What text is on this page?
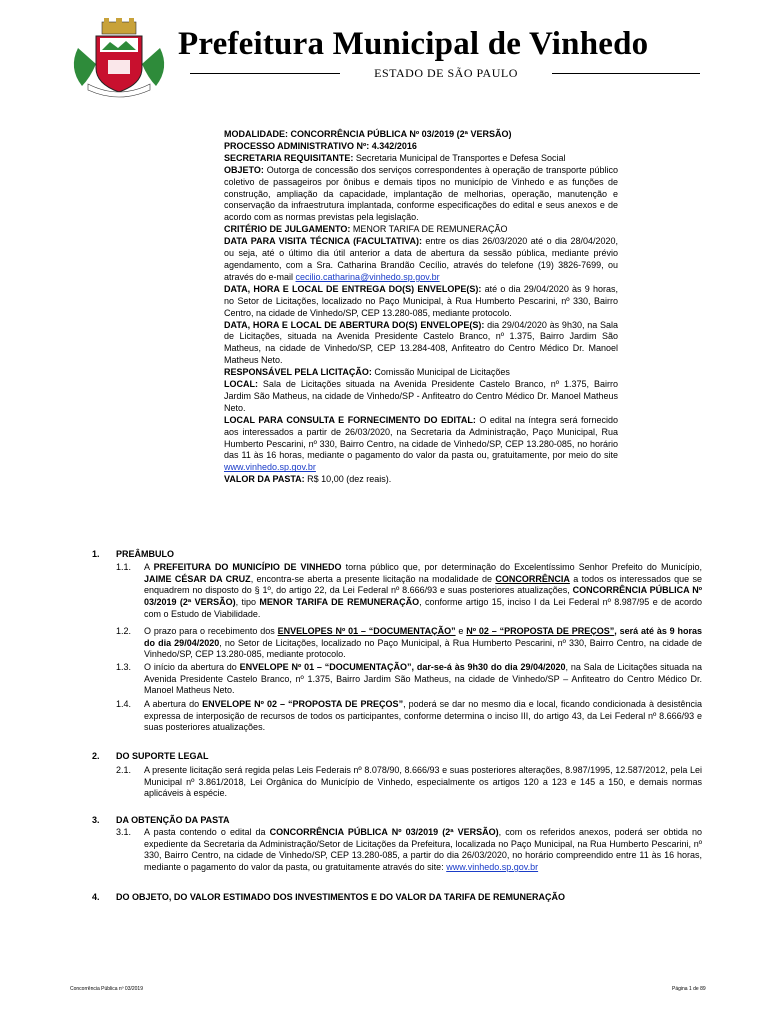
Prefeitura Municipal de Vinhedo
ESTADO DE SÃO PAULO

MODALIDADE: CONCORRÊNCIA PÚBLICA Nº 03/2019 (2ª VERSÃO)

PROCESSO ADMINISTRATIVO Nº: 4.342/2016

SECRETARIA REQUISITANTE: Secretaria Municipal de Transportes e Defesa Social

OBJETO: Outorga de concessão dos serviços correspondentes à operação de transporte público coletivo de passageiros por ônibus e demais tipos no município de Vinhedo e as funções de construção, ampliação da capacidade, implantação de melhorias, operação, manutenção e conservação da infraestrutura implantada, conforme especificações do edital e seus anexos e de acordo com as normas previstas pela legislação.

CRITÉRIO DE JULGAMENTO: MENOR TARIFA DE REMUNERAÇÃO

DATA PARA VISITA TÉCNICA (FACULTATIVA): entre os dias 26/03/2020 até o dia 28/04/2020, ou seja, até o último dia útil anterior a data de abertura da sessão pública, mediante prévio agendamento, com a Sra. Catharina Brandão Cecílio, através do telefone (19) 3826-7699, ou através do e-mail cecilio.catharina@vinhedo.sp.gov.br

DATA, HORA E LOCAL DE ENTREGA DO(S) ENVELOPE(S): até o dia 29/04/2020 às 9 horas, no Setor de Licitações, localizado no Paço Municipal, à Rua Humberto Pescarini, nº 330, Bairro Centro, na cidade de Vinhedo/SP, CEP 13.280-085, mediante protocolo.

DATA, HORA E LOCAL DE ABERTURA DO(S) ENVELOPE(S): dia 29/04/2020 às 9h30, na Sala de Licitações, situada na Avenida Presidente Castelo Branco, nº 1.375, Bairro Jardim São Matheus, na cidade de Vinhedo/SP, CEP 13.284-408, Anfiteatro do Centro Médico Dr. Manoel Matheus Neto.

RESPONSÁVEL PELA LICITAÇÃO: Comissão Municipal de Licitações

LOCAL: Sala de Licitações situada na Avenida Presidente Castelo Branco, nº 1.375, Bairro Jardim São Matheus, na cidade de Vinhedo/SP - Anfiteatro do Centro Médico Dr. Manoel Matheus Neto.

LOCAL PARA CONSULTA E FORNECIMENTO DO EDITAL: O edital na íntegra será fornecido aos interessados a partir de 26/03/2020, na Secretaria da Administração, Paço Municipal, Rua Humberto Pescarini, nº 330, Bairro Centro, na cidade de Vinhedo/SP, CEP 13.280-085, no horário das 11 às 16 horas, mediante o pagamento do valor da pasta ou, gratuitamente, por meio do site www.vinhedo.sp.gov.br

VALOR DA PASTA: R$ 10,00 (dez reais).

1. PREÂMBULO
1.1. A PREFEITURA DO MUNICÍPIO DE VINHEDO torna público que, por determinação do Excelentíssimo Senhor Prefeito do Município, JAIME CÉSAR DA CRUZ, encontra-se aberta a presente licitação na modalidade de CONCORRÊNCIA a todos os interessados que se enquadrem no disposto do § 1º, do artigo 22, da Lei Federal nº 8.666/93 e suas posteriores atualizações, CONCORRÊNCIA PÚBLICA Nº 03/2019 (2ª VERSÃO), tipo MENOR TARIFA DE REMUNERAÇÃO, conforme artigo 15, inciso I da Lei Federal nº 8.987/95 e de acordo com o Estudo de Viabilidade.
1.2. O prazo para o recebimento dos ENVELOPES Nº 01 – “DOCUMENTAÇÃO” e Nº 02 – “PROPOSTA DE PREÇOS”, será até às 9 horas do dia 29/04/2020, no Setor de Licitações, localizado no Paço Municipal, à Rua Humberto Pescarini, nº 330, Bairro Centro, na cidade de Vinhedo/SP, CEP 13.280-085, mediante protocolo.
1.3. O início da abertura do ENVELOPE Nº 01 – “DOCUMENTAÇÃO”, dar-se-á às 9h30 do dia 29/04/2020, na Sala de Licitações situada na Avenida Presidente Castelo Branco, nº 1.375, Bairro Jardim São Matheus, na cidade de Vinhedo/SP – Anfiteatro do Centro Médico Dr. Manoel Matheus Neto.
1.4. A abertura do ENVELOPE Nº 02 – “PROPOSTA DE PREÇOS”, poderá se dar no mesmo dia e local, ficando condicionada à desistência expressa de interposição de recursos de todos os participantes, conforme determina o inciso III, do artigo 43, da Lei Federal nº 8.666/93 e suas posteriores atualizações.
2. DO SUPORTE LEGAL
2.1. A presente licitação será regida pelas Leis Federais nº 8.078/90, 8.666/93 e suas posteriores alterações, 8.987/1995, 12.587/2012, pela Lei Municipal nº 3.861/2018, Lei Orgânica do Município de Vinhedo, especialmente os artigos 120 a 123 e 145 a 150, e demais normas aplicáveis à espécie.
3. DA OBTENÇÃO DA PASTA
3.1. A pasta contendo o edital da CONCORRÊNCIA PÚBLICA Nº 03/2019 (2ª VERSÃO), com os referidos anexos, poderá ser obtida no expediente da Secretaria da Administração/Setor de Licitações da Prefeitura, localizada no Paço Municipal, na Rua Humberto Pescarini, nº 330, Bairro Centro, na cidade de Vinhedo/SP, CEP 13.280-085, a partir do dia 26/03/2020, no horário compreendido entre 11 às 16 horas, mediante o pagamento do valor da pasta, ou gratuitamente através do site: www.vinhedo.sp.gov.br
4. DO OBJETO, DO VALOR ESTIMADO DOS INVESTIMENTOS E DO VALOR DA TARIFA DE REMUNERAÇÃO
Concorrência Pública nº 03/2019	Página 1 de 89
